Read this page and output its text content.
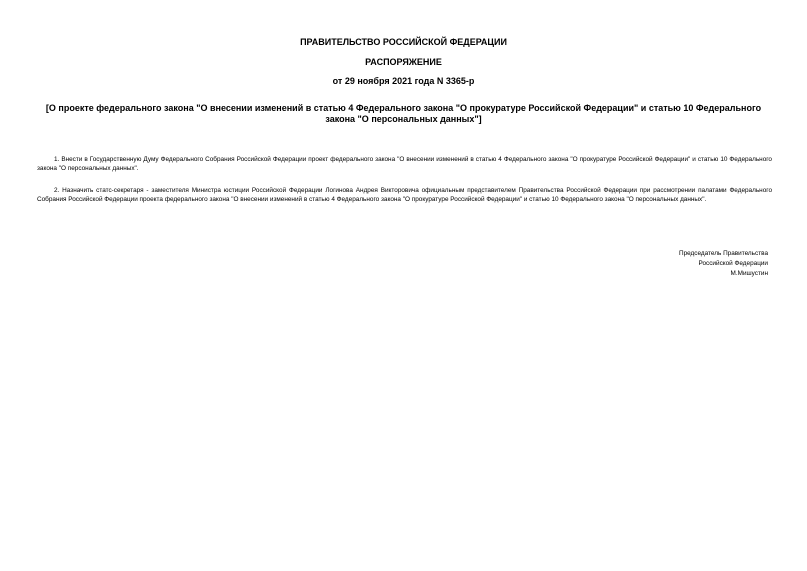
ПРАВИТЕЛЬСТВО РОССИЙСКОЙ ФЕДЕРАЦИИ
РАСПОРЯЖЕНИЕ
от 29 ноября 2021 года N 3365-р
[О проекте федерального закона "О внесении изменений в статью 4 Федерального закона "О прокуратуре Российской Федерации" и статью 10 Федерального закона "О персональных данных"]
1. Внести в Государственную Думу Федерального Собрания Российской Федерации проект федерального закона "О внесении изменений в статью 4 Федерального закона "О прокуратуре Российской Федерации" и статью 10 Федерального закона "О персональных данных".
2. Назначить статс-секретаря - заместителя Министра юстиции Российской Федерации Логинова Андрея Викторовича официальным представителем Правительства Российской Федерации при рассмотрении палатами Федерального Собрания Российской Федерации проекта федерального закона "О внесении изменений в статью 4 Федерального закона "О прокуратуре Российской Федерации" и статью 10 Федерального закона "О персональных данных".
Председатель Правительства
Российской Федерации
М.Мишустин
